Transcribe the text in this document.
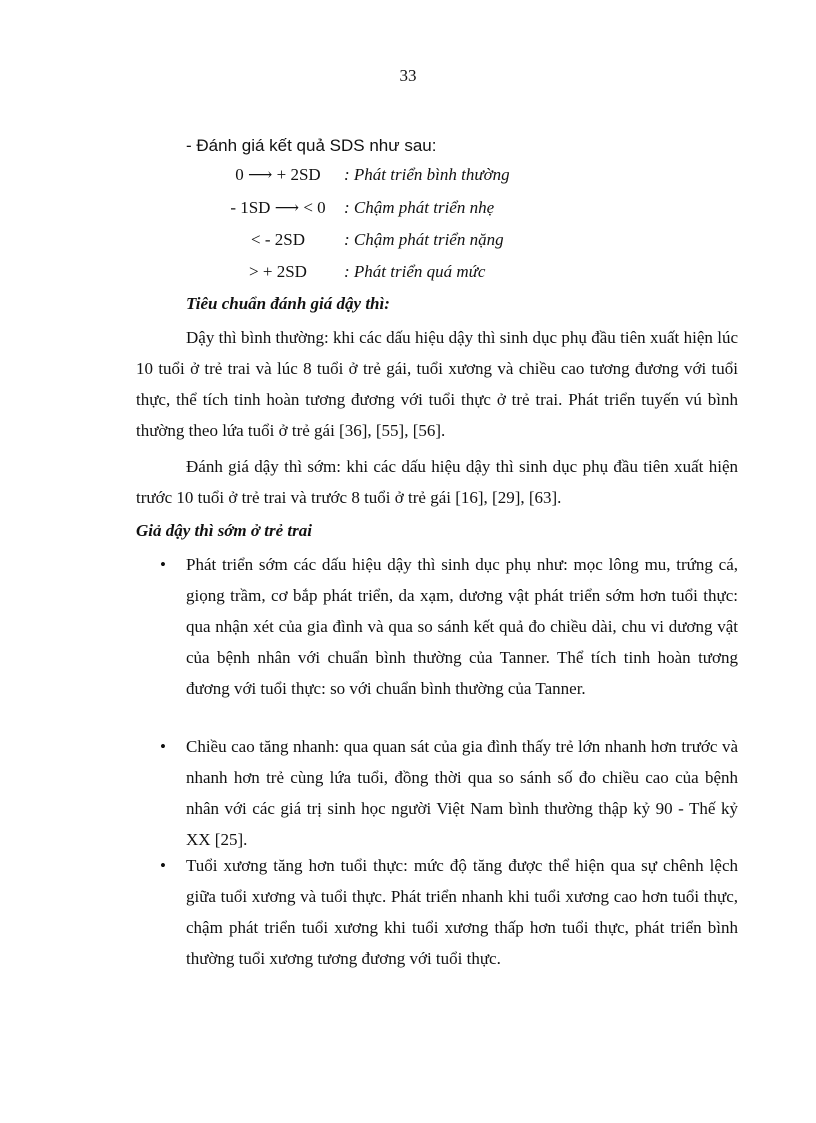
33
- Đánh giá kết quả SDS như sau:
0 ⟶ + 2SD	: Phát triển bình thường
- 1SD ⟶ < 0	: Chậm phát triển nhẹ
< - 2SD	: Chậm phát triển nặng
> + 2SD	: Phát triển quá mức
Tiêu chuẩn đánh giá dậy thì:

Dậy thì bình thường: khi các dấu hiệu dậy thì sinh dục phụ đầu tiên xuất hiện lúc 10 tuổi ở trẻ trai và lúc 8 tuổi ở trẻ gái, tuổi xương và chiều cao tương đương với tuổi thực, thể tích tinh hoàn tương đương với tuổi thực ở trẻ trai. Phát triển tuyến vú bình thường theo lứa tuổi ở trẻ gái [36], [55], [56].

Đánh giá dậy thì sớm: khi các dấu hiệu dậy thì sinh dục phụ đầu tiên xuất hiện trước 10 tuổi ở trẻ trai và trước 8 tuổi ở trẻ gái [16], [29], [63].

Giả dậy thì sớm ở trẻ trai
• Phát triển sớm các dấu hiệu dậy thì sinh dục phụ như: mọc lông mu, trứng cá, giọng trầm, cơ bắp phát triển, da xạm, dương vật phát triển sớm hơn tuổi thực: qua nhận xét của gia đình và qua so sánh kết quả đo chiều dài, chu vi dương vật của bệnh nhân với chuẩn bình thường của Tanner. Thể tích tinh hoàn tương đương với tuổi thực: so với chuẩn bình thường của Tanner.

• Chiều cao tăng nhanh: qua quan sát của gia đình thấy trẻ lớn nhanh hơn trước và nhanh hơn trẻ cùng lứa tuổi, đồng thời qua so sánh số đo chiều cao của bệnh nhân với các giá trị sinh học người Việt Nam bình thường thập kỷ 90 - Thế kỷ XX [25].

• Tuổi xương tăng hơn tuổi thực: mức độ tăng được thể hiện qua sự chênh lệch giữa tuổi xương và tuổi thực. Phát triển nhanh khi tuổi xương cao hơn tuổi thực, chậm phát triển tuổi xương khi tuổi xương thấp hơn tuổi thực, phát triển bình thường tuổi xương tương đương với tuổi thực.
